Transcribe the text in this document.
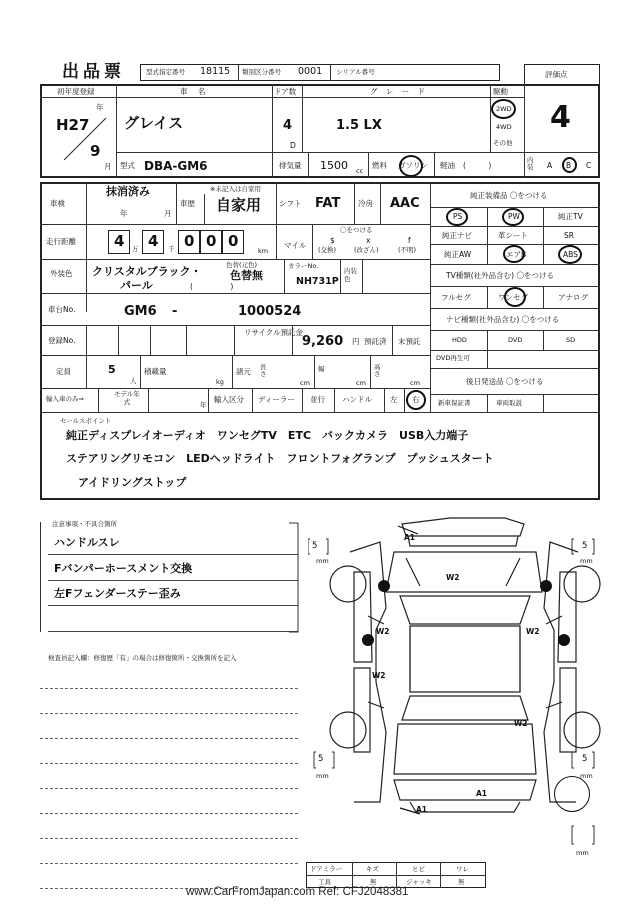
出品票	型式指定番号 18115 類別区分番号 0001 シリアル番号	評価点
4
初年度登録
年
H27
9
月
車 名
グレイス
ドア数
4
D
グ レ ー ド
1.5 LX
駆動
2WD
4WD
その他
型式 DBA-GM6	排気量 1500 cc
燃料 ガソリン 軽油 (　　　)
内装 A B C
車検
抹消済み
年	月
※未記入は自家用
車歴 自家用 シフト FAT 冷房 AAC
走行距離	4 万 4 千 0 0 0
km
マイル
〇をつける
$
(交換)
x
(改ざん)
f
(不明)
外装色 クリスタルブラック・
パール
色替(元色)
色替無
(　　　　　)
カラーNo.
NH731P
内装色
車台No.	GM6 -	1000524
登録No.
リサイクル預託金
9,260 円 預託済 未預託
定員	5
人
積載量
kg
諸元 長さ
cm
幅
cm
高さ
cm
輸入車のみ⇒
モデル年式	年
輸入区分 ディーラー 並行 ハンドル 左 右
純正装備品 〇をつける
PS	PW	純正TV
純正ナビ	革シート	SR
純正AW	エアB	ABS
TV種類(社外品含む) 〇をつける
フルセグ	ワンセグ	アナログ
ナビ種類(社外品含む) 〇をつける
HDD	DVD	SD
DVD再生可
後日発送品 〇をつける
新車保証書	車両取説
セールスポイント
純正ディスプレイオーディオ　ワンセグTV　ETC　バックカメラ　USB入力端子
ステアリングリモコン　LEDヘッドライト　フロントフォグランプ　プッシュスタート
アイドリングストップ
注意事項・不具合箇所
ハンドルスレ
Fバンパーホースメント交換
左Fフェンダーステー歪み
検査員記入欄：修復歴「有」の場合は修復箇所・交換箇所を記入
A1
W2
W2	W2
W2
W2
A1
A1
5
mm
5
mm
5
mm
5
mm
mm
ドアミラー	キズ	ヒビ	ワレ
工具	無	ジャッキ	無
www.CarFromJapan.com Ref: CFJ2048381
